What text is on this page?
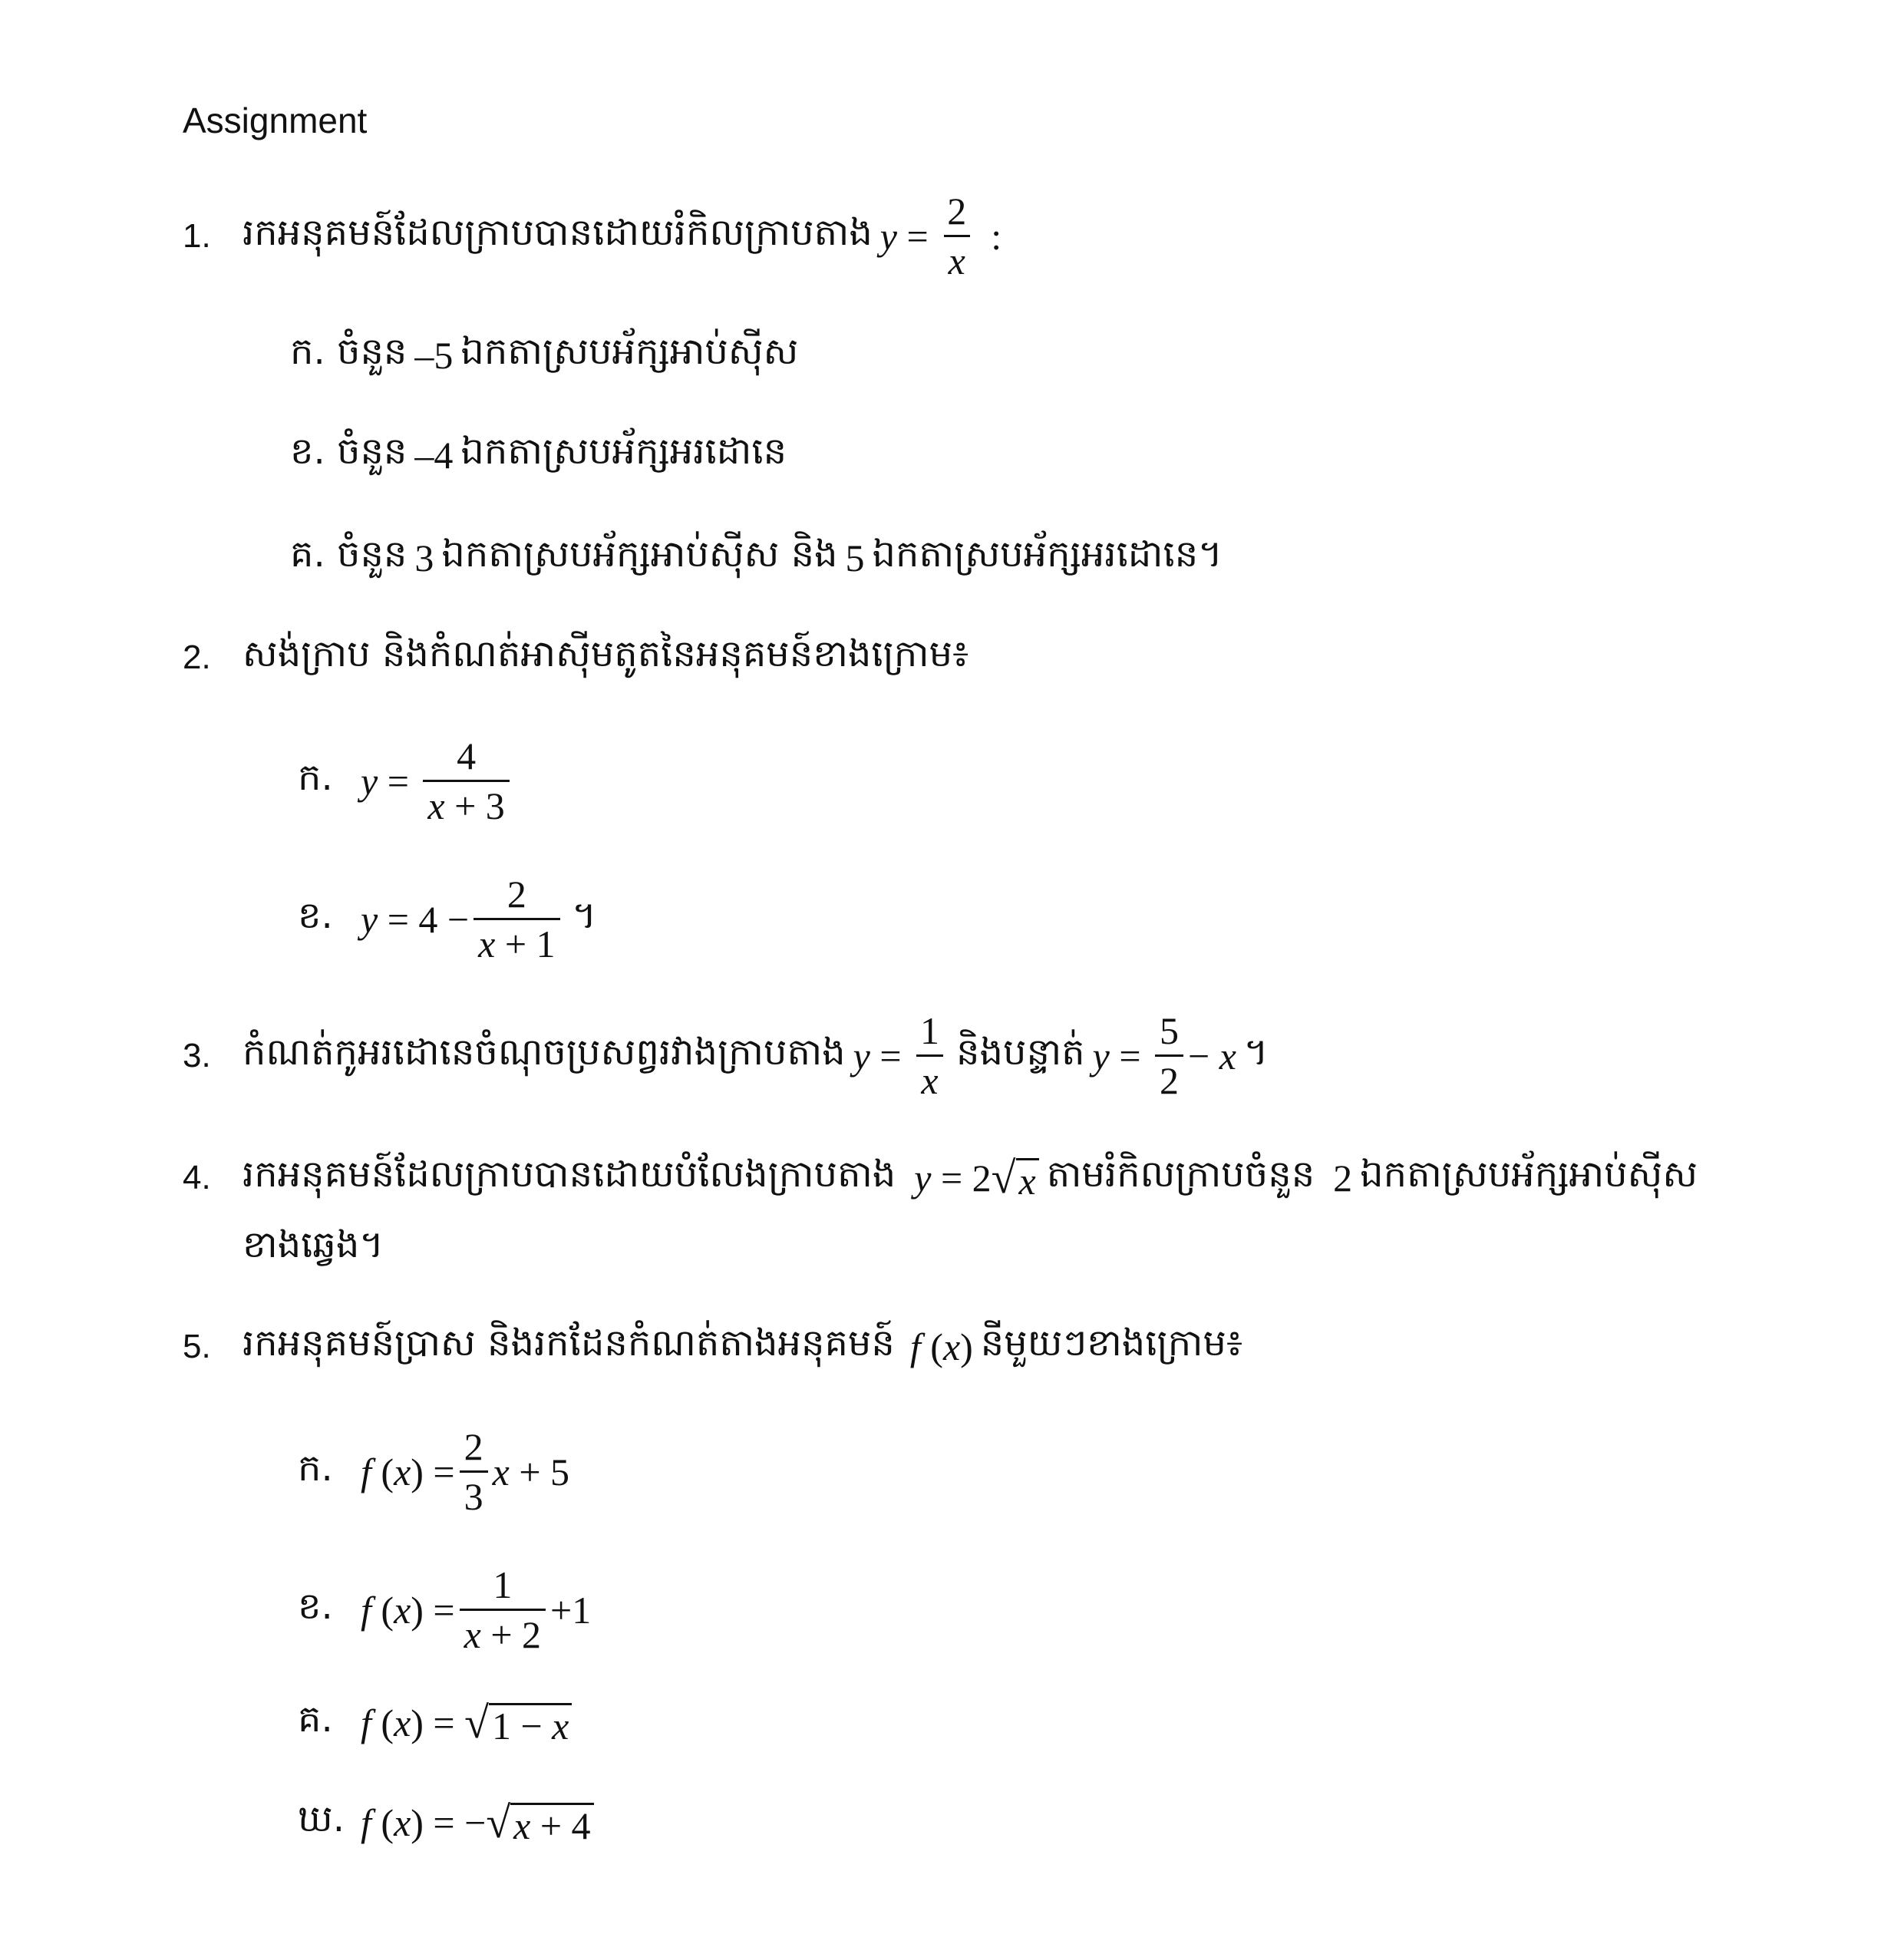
Assignment
1. រកអនុគមន៍ដែលក្រាបបានដោយរំកិលក្រាបតាង $y = \frac{2}{x}$ :
ក. ចំនួន –5 ឯកតាស្របអ័ក្សអាប់ស៊ីស
ខ. ចំនួន –4 ឯកតាស្របអ័ក្សអរដោនេ
គ. ចំនួន 3 ឯកតាស្របអ័ក្សអាប់ស៊ីស និង 5 ឯកតាស្របអ័ក្សអរដោនេ។
2. សង់ក្រាប និងកំណត់អាស៊ីមតូតនៃអនុគមន៍ខាងក្រោម៖
ក. $y = \frac{4}{x + 3}$
ខ. $y = 4 - \frac{2}{x + 1}$ ។
3. កំណត់កូអរដោនេចំណុចប្រសព្វរវាងក្រាបតាង $y = \frac{1}{x}$ និងបន្ទាត់ $y = \frac{5}{2} - x$ ។
4. រកអនុគមន៍ដែលក្រាបបានដោយបំលែងក្រាបតាង y = 2 √ x តាមរំកិលក្រាបចំនួន 2 ឯកតាស្របអ័ក្សអាប់ស៊ីស
ខាងឆ្វេង។
5. រកអនុគមន៍ប្រាស និងរកដែនកំណត់តាងអនុគមន៍ f ( x ) នីមួយៗខាងក្រោម៖
ក. f ( x ) = $\frac{2}{3}$ x + 5
ខ. f ( x ) = $\frac{1}{x + 2} +1$
គ. f ( x ) = √ 1 − x
ឃ. f ( x ) = − √ x + 4
